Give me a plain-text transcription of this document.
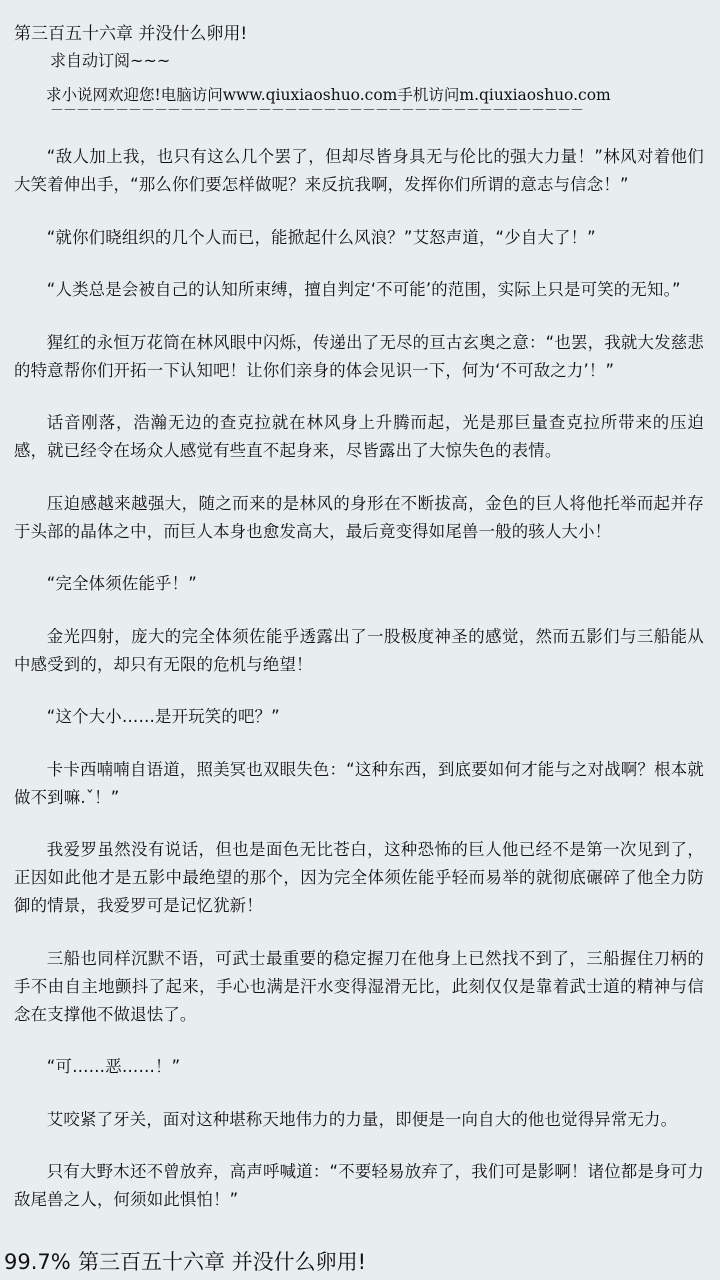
第三百五十六章 并没什么卵用!
求自动订阅~~~
求小说网欢迎您!电脑访问www.qiuxiaoshuo.com手机访问m.qiuxiaoshuo.com
－－－－－－－－－－－－－－－－－－－－－－－－－－－－－－－－－－－－－－－－－

“敌人加上我，也只有这么几个罢了，但却尽皆身具无与伦比的强大力量！”林风对着他们大笑着伸出手，“那么你们要怎样做呢？来反抗我啊，发挥你们所谓的意志与信念！”

“就你们晓组织的几个人而已，能掀起什么风浪？”艾怒声道，“少自大了！”

“人类总是会被自己的认知所束缚，擅自判定‘不可能’的范围，实际上只是可笑的无知。”

猩红的永恒万花筒在林风眼中闪烁，传递出了无尽的亘古玄奥之意：“也罢，我就大发慈悲的特意帮你们开拓一下认知吧！让你们亲身的体会见识一下，何为‘不可敌之力’！”

话音刚落，浩瀚无边的查克拉就在林风身上升腾而起，光是那巨量查克拉所带来的压迫感，就已经令在场众人感觉有些直不起身来，尽皆露出了大惊失色的表情。

压迫感越来越强大，随之而来的是林风的身形在不断拔高，金色的巨人将他托举而起并存于头部的晶体之中，而巨人本身也愈发高大，最后竟变得如尾兽一般的骇人大小！

“完全体须佐能乎！”

金光四射，庞大的完全体须佐能乎透露出了一股极度神圣的感觉，然而五影们与三船能从中感受到的，却只有无限的危机与绝望！

“这个大小……是开玩笑的吧？”

卡卡西喃喃自语道，照美冥也双眼失色：“这种东西，到底要如何才能与之对战啊？根本就做不到嘛.ˇ！”

我爱罗虽然没有说话，但也是面色无比苍白，这种恐怖的巨人他已经不是第一次见到了，正因如此他才是五影中最绝望的那个，因为完全体须佐能乎轻而易举的就彻底碾碎了他全力防御的情景，我爱罗可是记忆犹新！

三船也同样沉默不语，可武士最重要的稳定握刀在他身上已然找不到了，三船握住刀柄的手不由自主地颤抖了起来，手心也满是汗水变得湿滑无比，此刻仅仅是靠着武士道的精神与信念在支撑他不做退怯了。

“可……恶……！”

艾咬紧了牙关，面对这种堪称天地伟力的力量，即便是一向自大的他也觉得异常无力。

只有大野木还不曾放弃，高声呼喊道：“不要轻易放弃了，我们可是影啊！诸位都是身可力敌尾兽之人，何须如此惧怕！”

99.7% 第三百五十六章 并没什么卵用!
